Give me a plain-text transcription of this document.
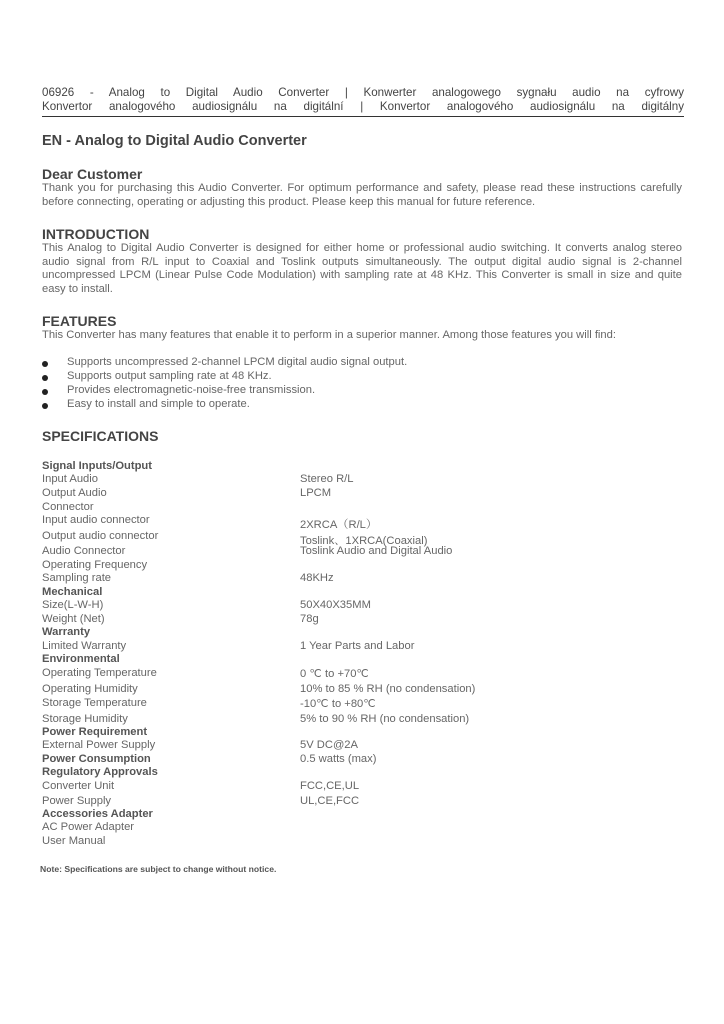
06926 - Analog to Digital Audio Converter | Konwerter analogowego sygnału audio na cyfrowy
Konvertor analogového audiosignálu na digitální | Konvertor analogového audiosignálu na digitálny
EN - Analog to Digital Audio Converter
Dear Customer
Thank you for purchasing this Audio Converter. For optimum performance and safety, please read these instructions carefully before connecting, operating or adjusting this product. Please keep this manual for future reference.
INTRODUCTION
This Analog to Digital Audio Converter is designed for either home or professional audio switching. It converts analog stereo audio signal from R/L input to Coaxial and Toslink outputs simultaneously. The output digital audio signal is 2-channel uncompressed LPCM (Linear Pulse Code Modulation) with sampling rate at 48 KHz. This Converter is small in size and quite easy to install.
FEATURES
This Converter has many features that enable it to perform in a superior manner. Among those features you will find:
Supports uncompressed 2-channel LPCM digital audio signal output.
Supports output sampling rate at 48 KHz.
Provides electromagnetic-noise-free transmission.
Easy to install and simple to operate.
SPECIFICATIONS
Signal Inputs/Output
Input Audio	Stereo R/L
Output Audio	LPCM
Connector
Input audio connector	2XRCA（R/L）
Output audio connector	Toslink、1XRCA(Coaxial)
Audio Connector	Toslink Audio and Digital Audio
Operating Frequency
Sampling rate	48KHz
Mechanical
Size(L-W-H)	50X40X35MM
Weight (Net)	78g
Warranty
Limited Warranty	1 Year Parts and Labor
Environmental
Operating Temperature	0 ℃ to +70℃
Operating Humidity	10% to 85 % RH (no condensation)
Storage Temperature	-10℃ to +80℃
Storage Humidity	5% to 90 % RH (no condensation)
Power Requirement
External Power Supply	5V DC@2A
Power Consumption	0.5 watts (max)
Regulatory Approvals
Converter Unit	FCC,CE,UL
Power Supply	UL,CE,FCC
Accessories Adapter
AC Power Adapter
User Manual
Note: Specifications are subject to change without notice.
